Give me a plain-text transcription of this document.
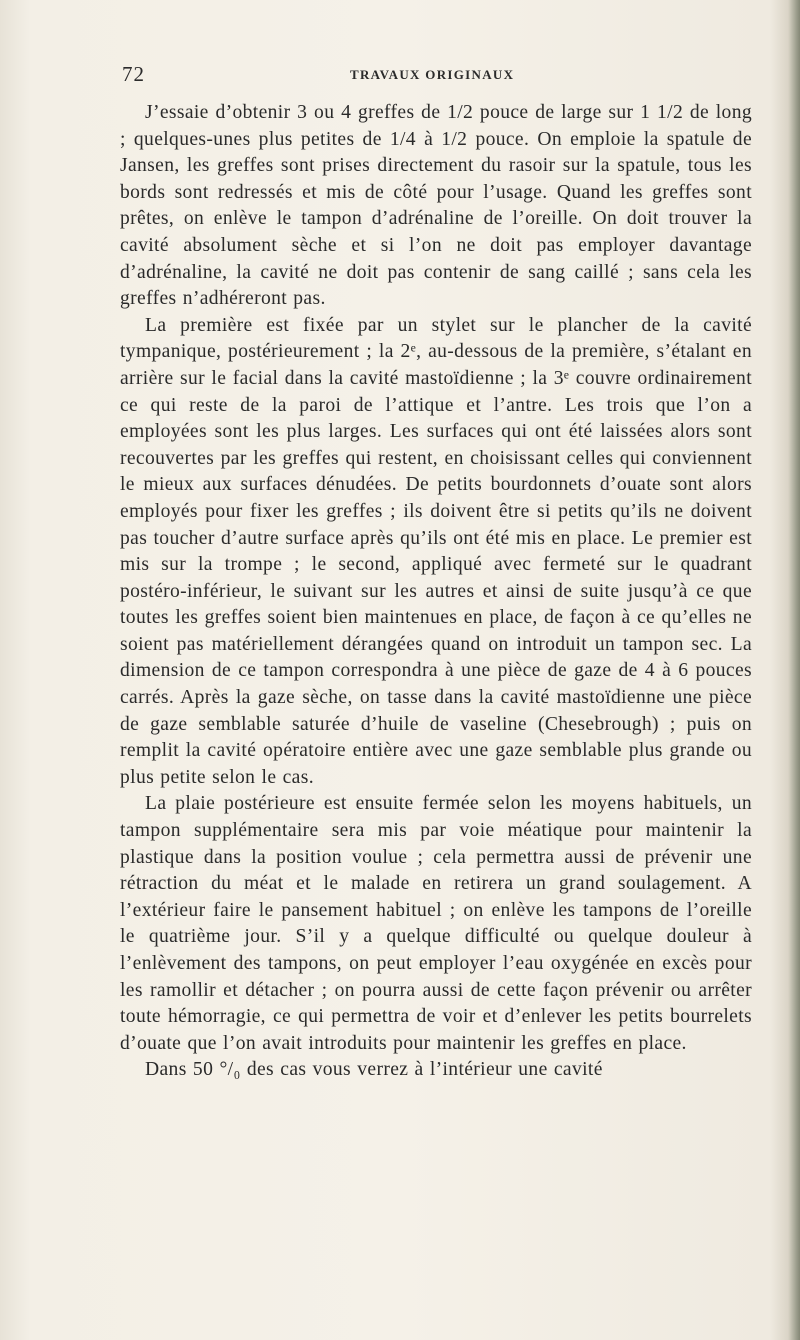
72	TRAVAUX ORIGINAUX

J’essaie d’obtenir 3 ou 4 greffes de 1/2 pouce de large sur 1 1/2 de long ; quelques-unes plus petites de 1/4 à 1/2 pouce. On emploie la spatule de Jansen, les greffes sont prises directement du rasoir sur la spatule, tous les bords sont redressés et mis de côté pour l’usage. Quand les greffes sont prêtes, on enlève le tampon d’adrénaline de l’oreille. On doit trouver la cavité absolument sèche et si l’on ne doit pas employer davantage d’adrénaline, la cavité ne doit pas contenir de sang caillé ; sans cela les greffes n’adhéreront pas.

La première est fixée par un stylet sur le plancher de la cavité tympanique, postérieurement ; la 2ᵉ, au-dessous de la première, s’étalant en arrière sur le facial dans la cavité mastoïdienne ; la 3ᵉ couvre ordinairement ce qui reste de la paroi de l’attique et l’antre. Les trois que l’on a employées sont les plus larges. Les surfaces qui ont été laissées alors sont recouvertes par les greffes qui restent, en choisissant celles qui conviennent le mieux aux surfaces dénudées. De petits bourdonnets d’ouate sont alors employés pour fixer les greffes ; ils doivent être si petits qu’ils ne doivent pas toucher d’autre surface après qu’ils ont été mis en place. Le premier est mis sur la trompe ; le second, appliqué avec fermeté sur le quadrant postéro-inférieur, le suivant sur les autres et ainsi de suite jusqu’à ce que toutes les greffes soient bien maintenues en place, de façon à ce qu’elles ne soient pas matériellement dérangées quand on introduit un tampon sec. La dimension de ce tampon correspondra à une pièce de gaze de 4 à 6 pouces carrés. Après la gaze sèche, on tasse dans la cavité mastoïdienne une pièce de gaze semblable saturée d’huile de vaseline (Chesebrough) ; puis on remplit la cavité opératoire entière avec une gaze semblable plus grande ou plus petite selon le cas.

La plaie postérieure est ensuite fermée selon les moyens habituels, un tampon supplémentaire sera mis par voie méatique pour maintenir la plastique dans la position voulue ; cela permettra aussi de prévenir une rétraction du méat et le malade en retirera un grand soulagement. A l’extérieur faire le pansement habituel ; on enlève les tampons de l’oreille le quatrième jour. S’il y a quelque difficulté ou quelque douleur à l’enlèvement des tampons, on peut employer l’eau oxygénée en excès pour les ramollir et détacher ; on pourra aussi de cette façon prévenir ou arrêter toute hémorragie, ce qui permettra de voir et d’enlever les petits bourrelets d’ouate que l’on avait introduits pour maintenir les greffes en place.

Dans 50 °/₀ des cas vous verrez à l’intérieur une cavité
